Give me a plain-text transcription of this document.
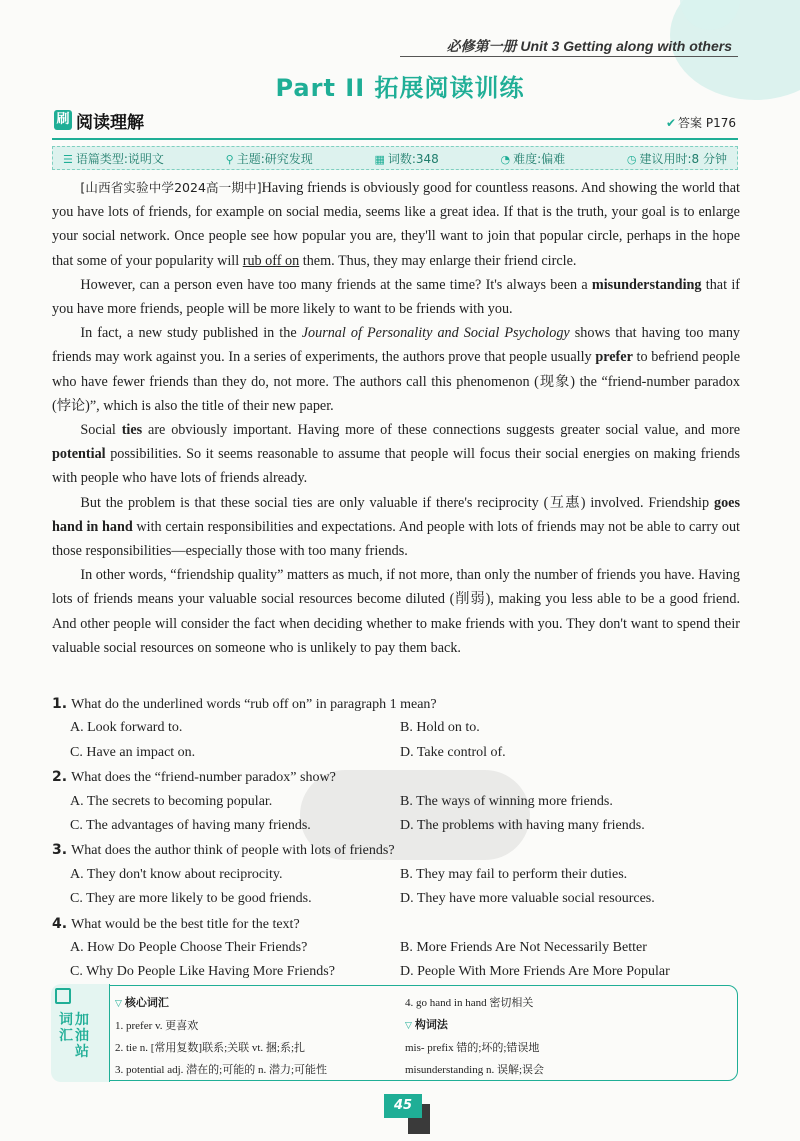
必修第一册 Unit 3 Getting along with others
Part II 拓展阅读训练
刷 阅读理解	✔ 答案 P176
☰ 语篇类型:说明文	⚲ 主题:研究发现	▦ 词数:348	◔ 难度:偏难	◷ 建议用时:8 分钟

[山西省实验中学2024高一期中]Having friends is obviously good for countless reasons. And showing the world that you have lots of friends, for example on social media, seems like a great idea. If that is the truth, your goal is to enlarge your social network. Once people see how popular you are, they'll want to join that popular circle, perhaps in the hope that some of your popularity will rub off on them. Thus, they may enlarge their friend circle.

However, can a person even have too many friends at the same time? It's always been a misunderstanding that if you have more friends, people will be more likely to want to be friends with you.

In fact, a new study published in the Journal of Personality and Social Psychology shows that having too many friends may work against you. In a series of experiments, the authors prove that people usually prefer to befriend people who have fewer friends than they do, not more. The authors call this phenomenon (现象) the “friend-number paradox (悖论)”, which is also the title of their new paper.

Social ties are obviously important. Having more of these connections suggests greater social value, and more potential possibilities. So it seems reasonable to assume that people will focus their social energies on making friends with people who have lots of friends already.

But the problem is that these social ties are only valuable if there's reciprocity (互惠) involved. Friendship goes hand in hand with certain responsibilities and expectations. And people with lots of friends may not be able to carry out those responsibilities—especially those with too many friends.

In other words, “friendship quality” matters as much, if not more, than only the number of friends you have. Having lots of friends means your valuable social resources become diluted (削弱), making you less able to be a good friend. And other people will consider the fact when deciding whether to make friends with you. They don't want to spend their valuable social resources on someone who is unlikely to pay them back.

1. What do the underlined words “rub off on” in paragraph 1 mean?
A. Look forward to.	B. Hold on to.
C. Have an impact on.	D. Take control of.
2. What does the “friend-number paradox” show?
A. The secrets to becoming popular.	B. The ways of winning more friends.
C. The advantages of having many friends.	D. The problems with having many friends.
3. What does the author think of people with lots of friends?
A. They don't know about reciprocity.	B. They may fail to perform their duties.
C. They are more likely to be good friends.	D. They have more valuable social resources.
4. What would be the best title for the text?
A. How Do People Choose Their Friends?	B. More Friends Are Not Necessarily Better
C. Why Do People Like Having More Friends?	D. People With More Friends Are More Popular
词
汇
加
油
站
▽ 核心词汇
1. prefer v. 更喜欢
2. tie n. [常用复数]联系;关联 vt. 捆;系;扎
3. potential adj. 潜在的;可能的 n. 潜力;可能性
4. go hand in hand 密切相关
▽ 构词法
mis- prefix 错的;坏的;错误地
misunderstanding n. 误解;误会
45
